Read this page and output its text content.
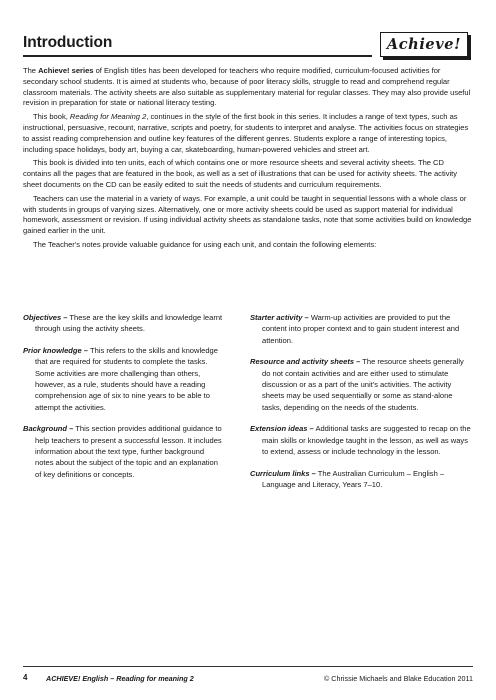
Introduction	Achieve!

The Achieve! series of English titles has been developed for teachers who require modified, curriculum-focused activities for secondary school students. It is aimed at students who, because of poor literacy skills, struggle to read and comprehend regular classroom materials. The activity sheets are also suitable as supplementary material for regular classes. They may also provide useful revision in preparation for state or national literacy testing.

This book, Reading for Meaning 2, continues in the style of the first book in this series. It includes a range of text types, such as instructional, persuasive, recount, narrative, scripts and poetry, for students to interpret and analyse. The activities focus on strategies to assist reading comprehension and outline key features of the different genres. Students explore a range of interesting topics, including space holidays, body art, buying a car, skateboarding, human-powered vehicles and street art.

This book is divided into ten units, each of which contains one or more resource sheets and several activity sheets. The CD contains all the pages that are featured in the book, as well as a set of illustrations that can be used for activity sheets. The activity sheet documents on the CD can be easily edited to suit the needs of students and curriculum requirements.

Teachers can use the material in a variety of ways. For example, a unit could be taught in sequential lessons with a whole class or with students in groups of varying sizes. Alternatively, one or more activity sheets could be used as support material for individual homework, assessment or revision. If using individual activity sheets as standalone tasks, note that some activities build on knowledge gained earlier in the unit.

The Teacher's notes provide valuable guidance for using each unit, and contain the following elements:

Objectives – These are the key skills and knowledge learnt through using the activity sheets.

Prior knowledge – This refers to the skills and knowledge that are required for students to complete the tasks. Some activities are more challenging than others, however, as a rule, students should have a reading comprehension age of six to nine years to be able to attempt the activities.

Background – This section provides additional guidance to help teachers to present a successful lesson. It includes information about the text type, further background notes about the subject of the topic and an explanation of key definitions or concepts.

Starter activity – Warm-up activities are provided to put the content into proper context and to gain student interest and attention.

Resource and activity sheets – The resource sheets generally do not contain activities and are either used to stimulate discussion or as a part of the unit's activities. The activity sheets may be used sequentially or some as stand-alone tasks, depending on the needs of the students.

Extension ideas – Additional tasks are suggested to recap on the main skills or knowledge taught in the lesson, as well as ways to extend, assess or include technology in the lesson.

Curriculum links – The Australian Curriculum – English – Language and Literacy, Years 7–10.

4	ACHIEVE! English – Reading for meaning 2	© Chrissie Michaels and Blake Education 2011
